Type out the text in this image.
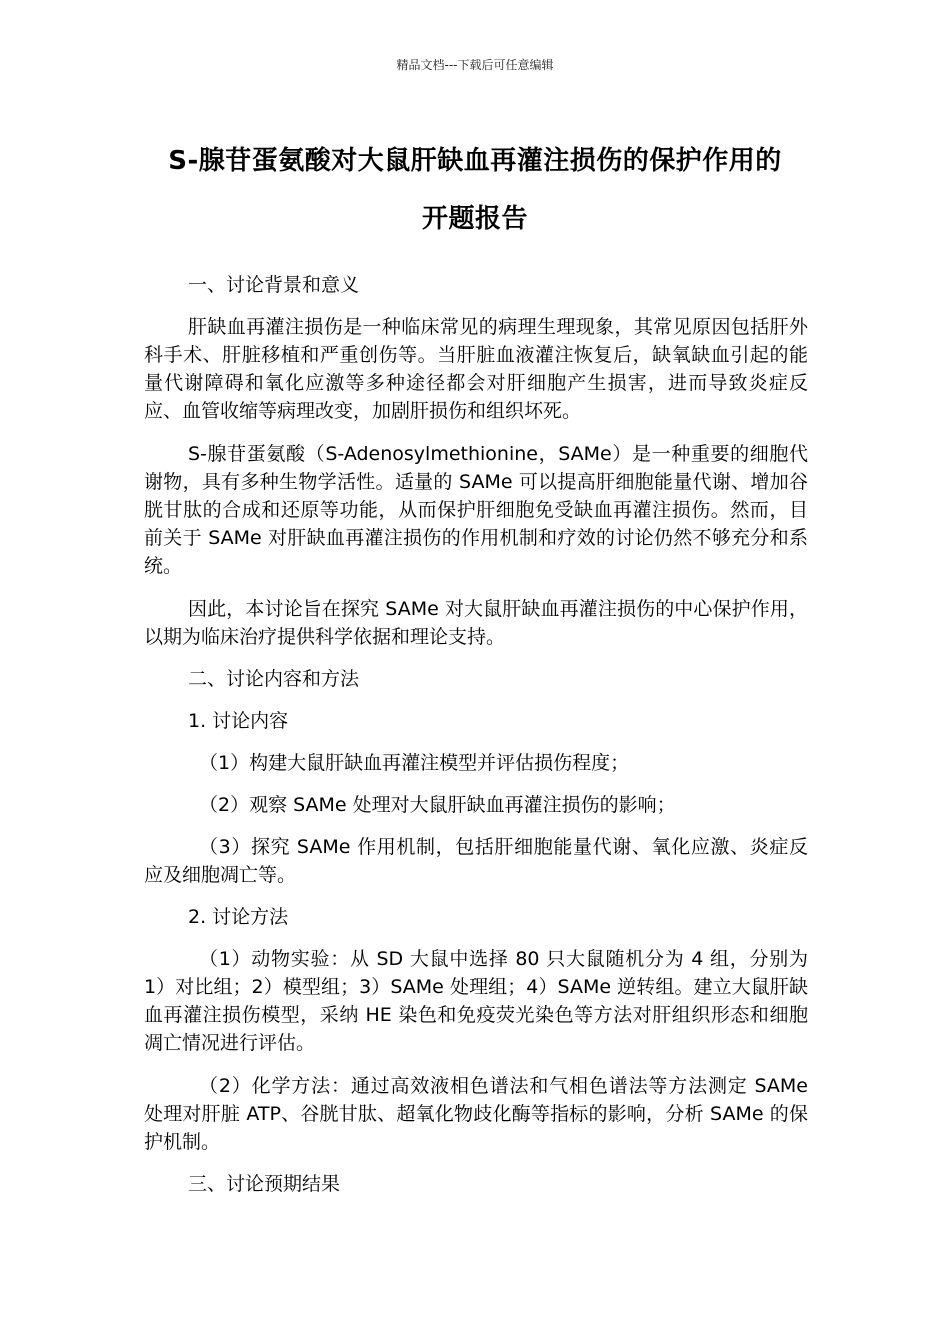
精品文档---下载后可任意编辑
S-腺苷蛋氨酸对大鼠肝缺血再灌注损伤的保护作用的
开题报告

一、讨论背景和意义

肝缺血再灌注损伤是一种临床常见的病理生理现象，其常见原因包括肝外科手术、肝脏移植和严重创伤等。当肝脏血液灌注恢复后，缺氧缺血引起的能量代谢障碍和氧化应激等多种途径都会对肝细胞产生损害，进而导致炎症反应、血管收缩等病理改变，加剧肝损伤和组织坏死。

S-腺苷蛋氨酸（S-Adenosylmethionine，SAMe）是一种重要的细胞代谢物，具有多种生物学活性。适量的 SAMe 可以提高肝细胞能量代谢、增加谷胱甘肽的合成和还原等功能，从而保护肝细胞免受缺血再灌注损伤。然而，目前关于 SAMe 对肝缺血再灌注损伤的作用机制和疗效的讨论仍然不够充分和系统。

因此，本讨论旨在探究 SAMe 对大鼠肝缺血再灌注损伤的中心保护作用，以期为临床治疗提供科学依据和理论支持。

二、讨论内容和方法

1. 讨论内容

（1）构建大鼠肝缺血再灌注模型并评估损伤程度；

（2）观察 SAMe 处理对大鼠肝缺血再灌注损伤的影响；

（3）探究 SAMe 作用机制，包括肝细胞能量代谢、氧化应激、炎症反应及细胞凋亡等。

2. 讨论方法

（1）动物实验：从 SD 大鼠中选择 80 只大鼠随机分为 4 组，分别为 1）对比组；2）模型组；3）SAMe 处理组；4）SAMe 逆转组。建立大鼠肝缺血再灌注损伤模型，采纳 HE 染色和免疫荧光染色等方法对肝组织形态和细胞凋亡情况进行评估。

（2）化学方法：通过高效液相色谱法和气相色谱法等方法测定 SAMe 处理对肝脏 ATP、谷胱甘肽、超氧化物歧化酶等指标的影响，分析 SAMe 的保护机制。

三、讨论预期结果
